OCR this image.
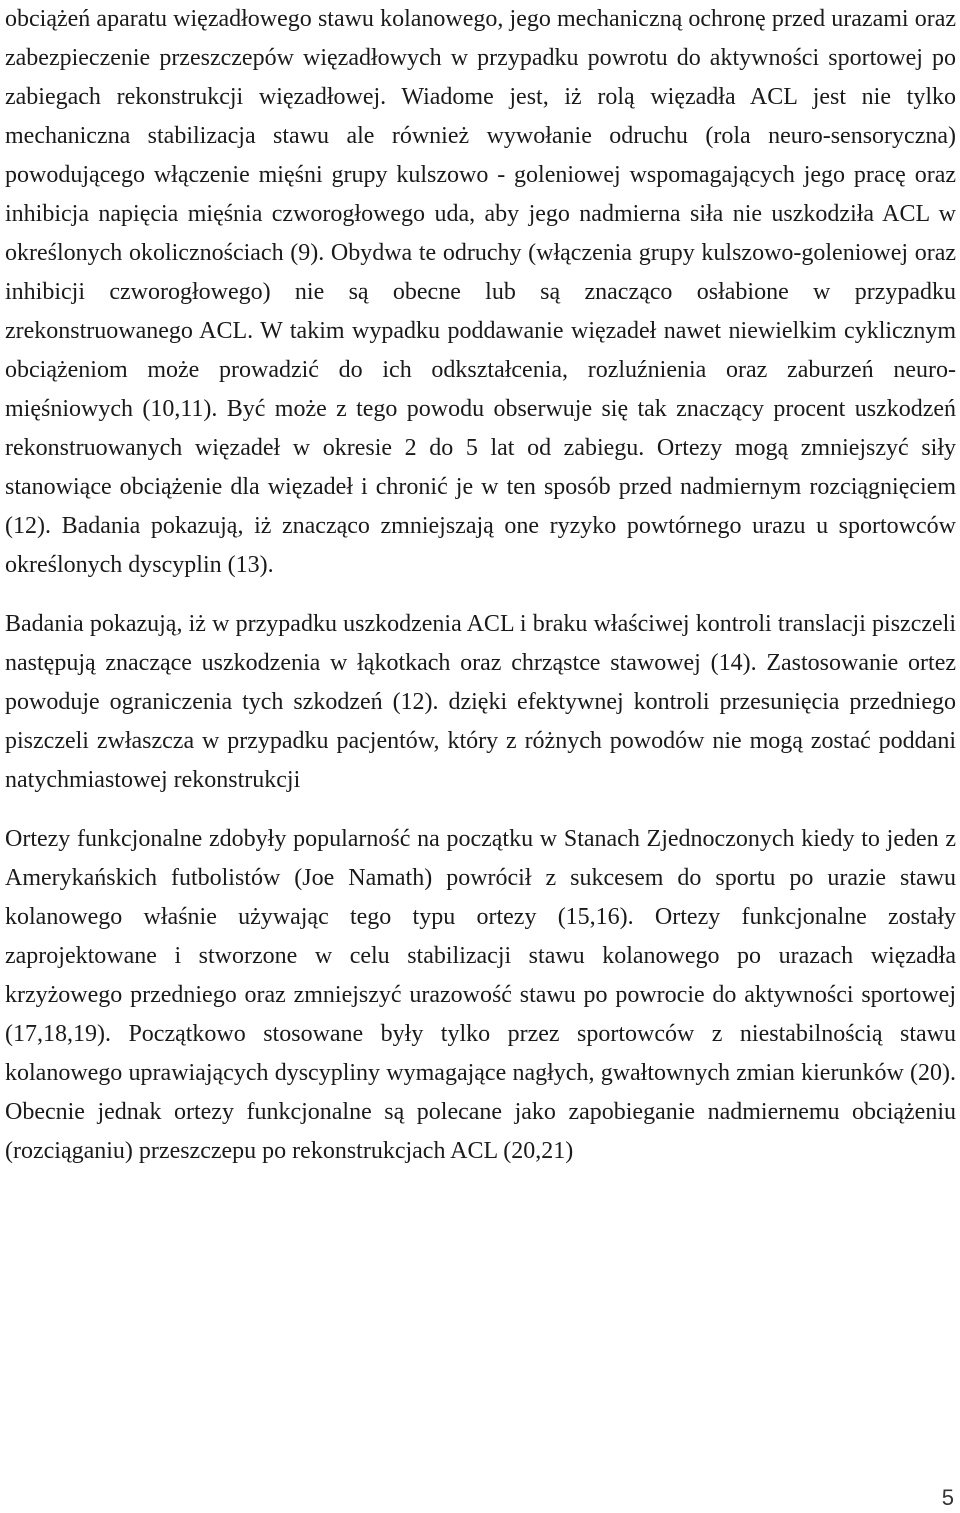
obciążeń aparatu więzadłowego stawu kolanowego, jego mechaniczną ochronę przed urazami oraz zabezpieczenie przeszczepów więzadłowych w przypadku powrotu do aktywności sportowej po zabiegach rekonstrukcji więzadłowej. Wiadome jest, iż rolą więzadła ACL jest nie tylko mechaniczna stabilizacja stawu ale również wywołanie odruchu (rola neuro-sensoryczna) powodującego włączenie mięśni grupy kulszowo - goleniowej wspomagających jego pracę oraz inhibicja napięcia mięśnia czworogłowego uda, aby jego nadmierna siła nie uszkodziła ACL w określonych okolicznościach (9). Obydwa te odruchy (włączenia grupy kulszowo-goleniowej oraz inhibicji czworogłowego) nie są obecne lub są znacząco osłabione w przypadku zrekonstruowanego ACL. W takim wypadku poddawanie więzadeł nawet niewielkim cyklicznym obciążeniom może prowadzić do ich odkształcenia, rozluźnienia oraz zaburzeń neuro-mięśniowych (10,11). Być może z tego powodu obserwuje się tak znaczący procent uszkodzeń rekonstruowanych więzadeł w okresie 2 do 5 lat od zabiegu. Ortezy mogą zmniejszyć siły stanowiące obciążenie dla więzadeł i chronić je w ten sposób przed nadmiernym rozciągnięciem (12). Badania pokazują, iż znacząco zmniejszają one ryzyko powtórnego urazu u sportowców określonych dyscyplin (13).

Badania pokazują, iż w przypadku uszkodzenia ACL i braku właściwej kontroli translacji piszczeli następują znaczące uszkodzenia w łąkotkach oraz chrząstce stawowej (14). Zastosowanie ortez powoduje ograniczenia tych szkodzeń (12). dzięki efektywnej kontroli przesunięcia przedniego piszczeli zwłaszcza w przypadku pacjentów, który z różnych powodów nie mogą zostać poddani natychmiastowej rekonstrukcji

Ortezy funkcjonalne zdobyły popularność na początku w Stanach Zjednoczonych kiedy to jeden z Amerykańskich futbolistów (Joe Namath) powrócił z sukcesem do sportu po urazie stawu kolanowego właśnie używając tego typu ortezy (15,16). Ortezy funkcjonalne zostały zaprojektowane i stworzone w celu stabilizacji stawu kolanowego po urazach więzadła krzyżowego przedniego oraz zmniejszyć urazowość stawu po powrocie do aktywności sportowej (17,18,19). Początkowo stosowane były tylko przez sportowców z niestabilnością stawu kolanowego uprawiających dyscypliny wymagające nagłych, gwałtownych zmian kierunków (20). Obecnie jednak ortezy funkcjonalne są polecane jako zapobieganie nadmiernemu obciążeniu (rozciąganiu) przeszczepu po rekonstrukcjach ACL (20,21)

5
